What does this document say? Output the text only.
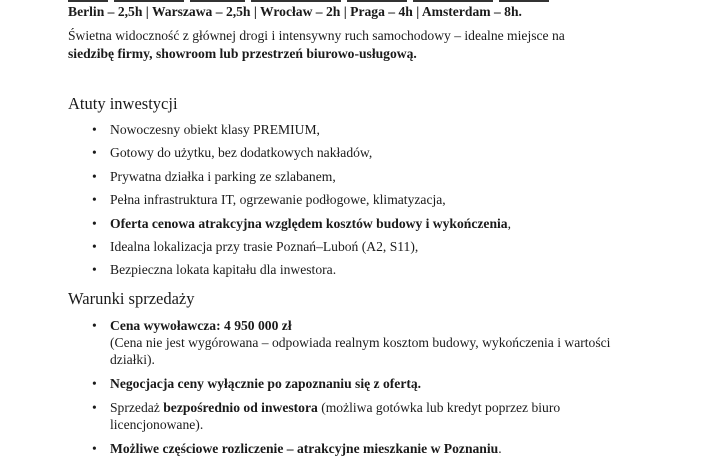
Berlin – 2,5h | Warszawa – 2,5h | Wrocław – 2h | Praga – 4h | Amsterdam – 8h.
Świetna widoczność z głównej drogi i intensywny ruch samochodowy – idealne miejsce na
siedzibę firmy, showroom lub przestrzeń biurowo-usługową.
Atuty inwestycji
• Nowoczesny obiekt klasy PREMIUM,
• Gotowy do użytku, bez dodatkowych nakładów,
• Prywatna działka i parking ze szlabanem,
• Pełna infrastruktura IT, ogrzewanie podłogowe, klimatyzacja,
• Oferta cenowa atrakcyjna względem kosztów budowy i wykończenia,
• Idealna lokalizacja przy trasie Poznań–Luboń (A2, S11),
• Bezpieczna lokata kapitału dla inwestora.
Warunki sprzedaży
• Cena wywoławcza: 4 950 000 zł
(Cena nie jest wygórowana – odpowiada realnym kosztom budowy, wykończenia i wartości
działki).
• Negocjacja ceny wyłącznie po zapoznaniu się z ofertą.
• Sprzedaż bezpośrednio od inwestora (możliwa gotówka lub kredyt poprzez biuro
licencjonowane).
• Możliwe częściowe rozliczenie – atrakcyjne mieszkanie w Poznaniu.
